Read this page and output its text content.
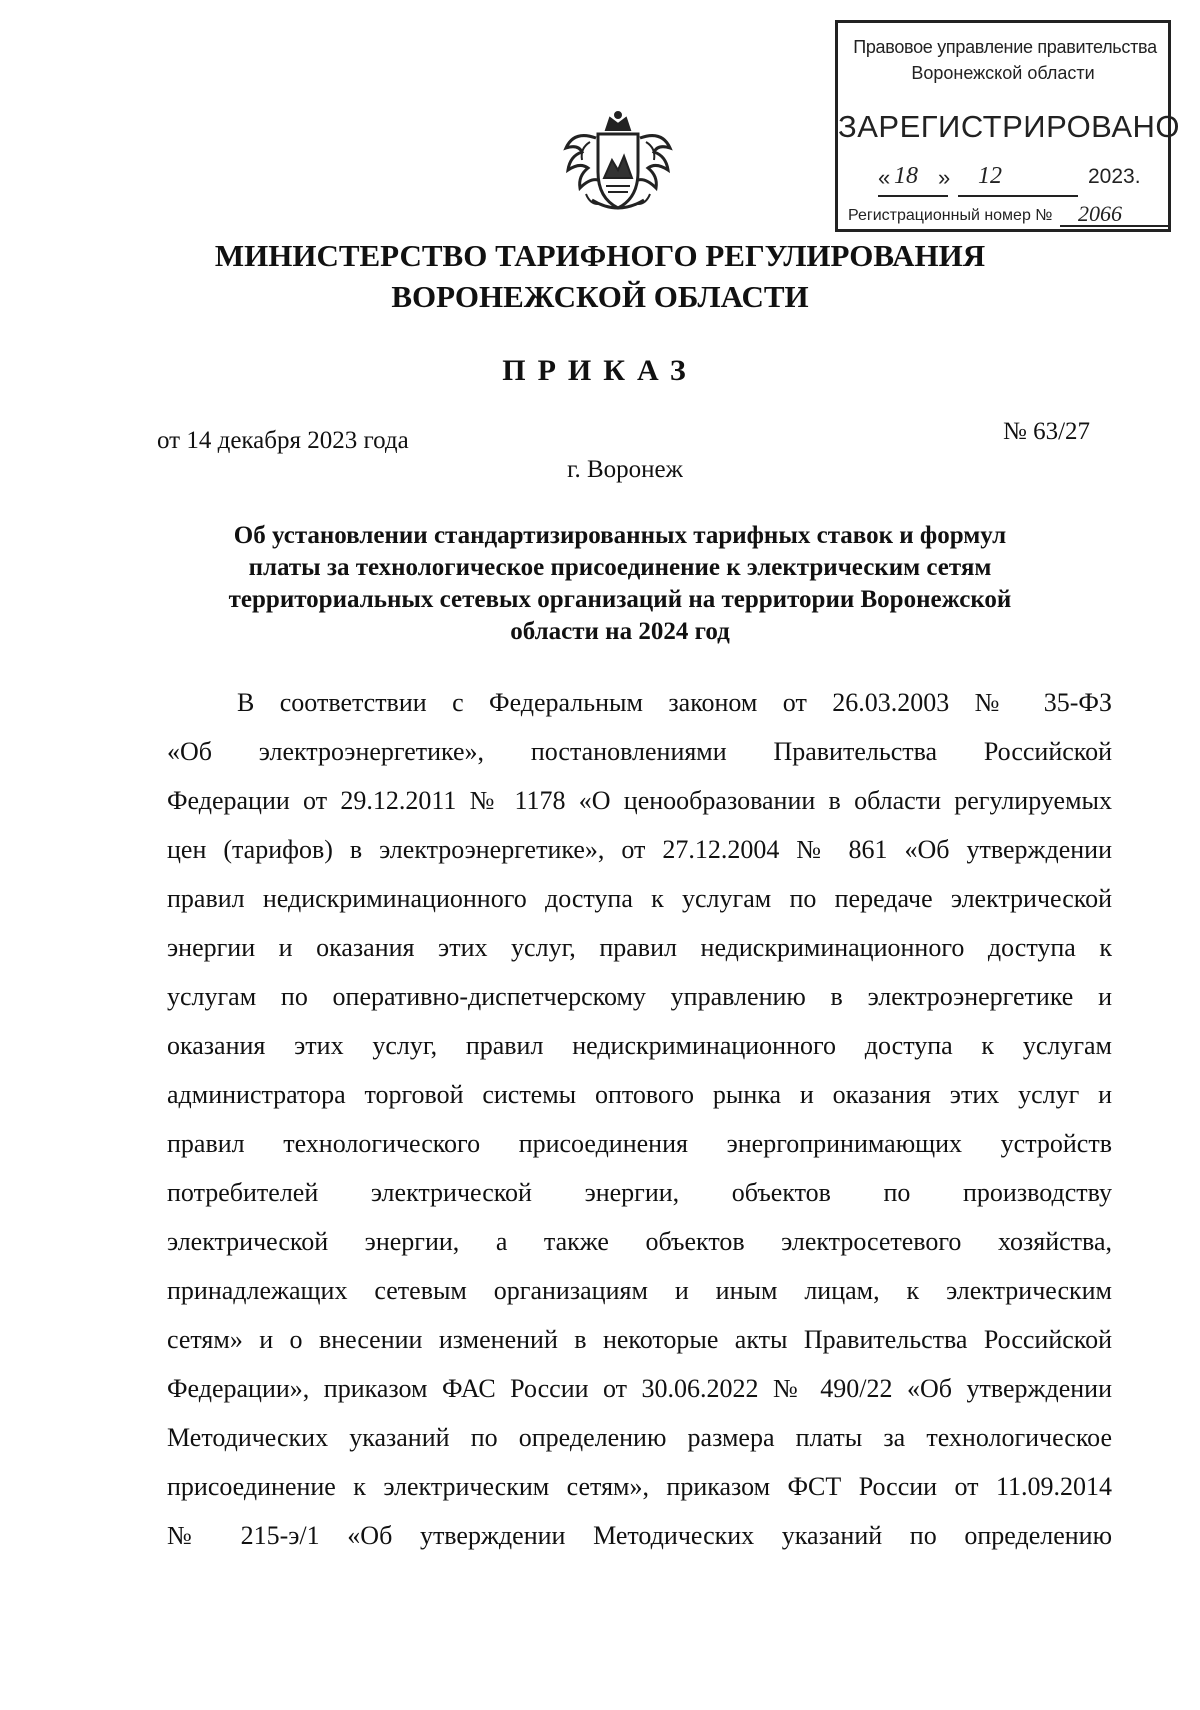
Правовое управление правительства
Воронежской области
ЗАРЕГИСТРИРОВАНО
« 18 » 12	2023.
Регистрационный номер № 2066
МИНИСТЕРСТВО ТАРИФНОГО РЕГУЛИРОВАНИЯ
ВОРОНЕЖСКОЙ ОБЛАСТИ
ПРИКАЗ
от 14 декабря 2023 года	№ 63/27
г. Воронеж
Об установлении стандартизированных тарифных ставок и формул
платы за технологическое присоединение к электрическим сетям
территориальных сетевых организаций на территории Воронежской
области на 2024 год
В соответствии с Федеральным законом от 26.03.2003 № 35-ФЗ
«Об электроэнергетике», постановлениями Правительства Российской
Федерации от 29.12.2011 № 1178 «О ценообразовании в области регулируемых
цен (тарифов) в электроэнергетике», от 27.12.2004 № 861 «Об утверждении
правил недискриминационного доступа к услугам по передаче электрической
энергии и оказания этих услуг, правил недискриминационного доступа к
услугам по оперативно-диспетчерскому управлению в электроэнергетике и
оказания этих услуг, правил недискриминационного доступа к услугам
администратора торговой системы оптового рынка и оказания этих услуг и
правил технологического присоединения энергопринимающих устройств
потребителей электрической энергии, объектов по производству
электрической энергии, а также объектов электросетевого хозяйства,
принадлежащих сетевым организациям и иным лицам, к электрическим
сетям» и о внесении изменений в некоторые акты Правительства Российской
Федерации», приказом ФАС России от 30.06.2022 № 490/22 «Об утверждении
Методических указаний по определению размера платы за технологическое
присоединение к электрическим сетям», приказом ФСТ России от 11.09.2014
№ 215-э/1 «Об утверждении Методических указаний по определению
